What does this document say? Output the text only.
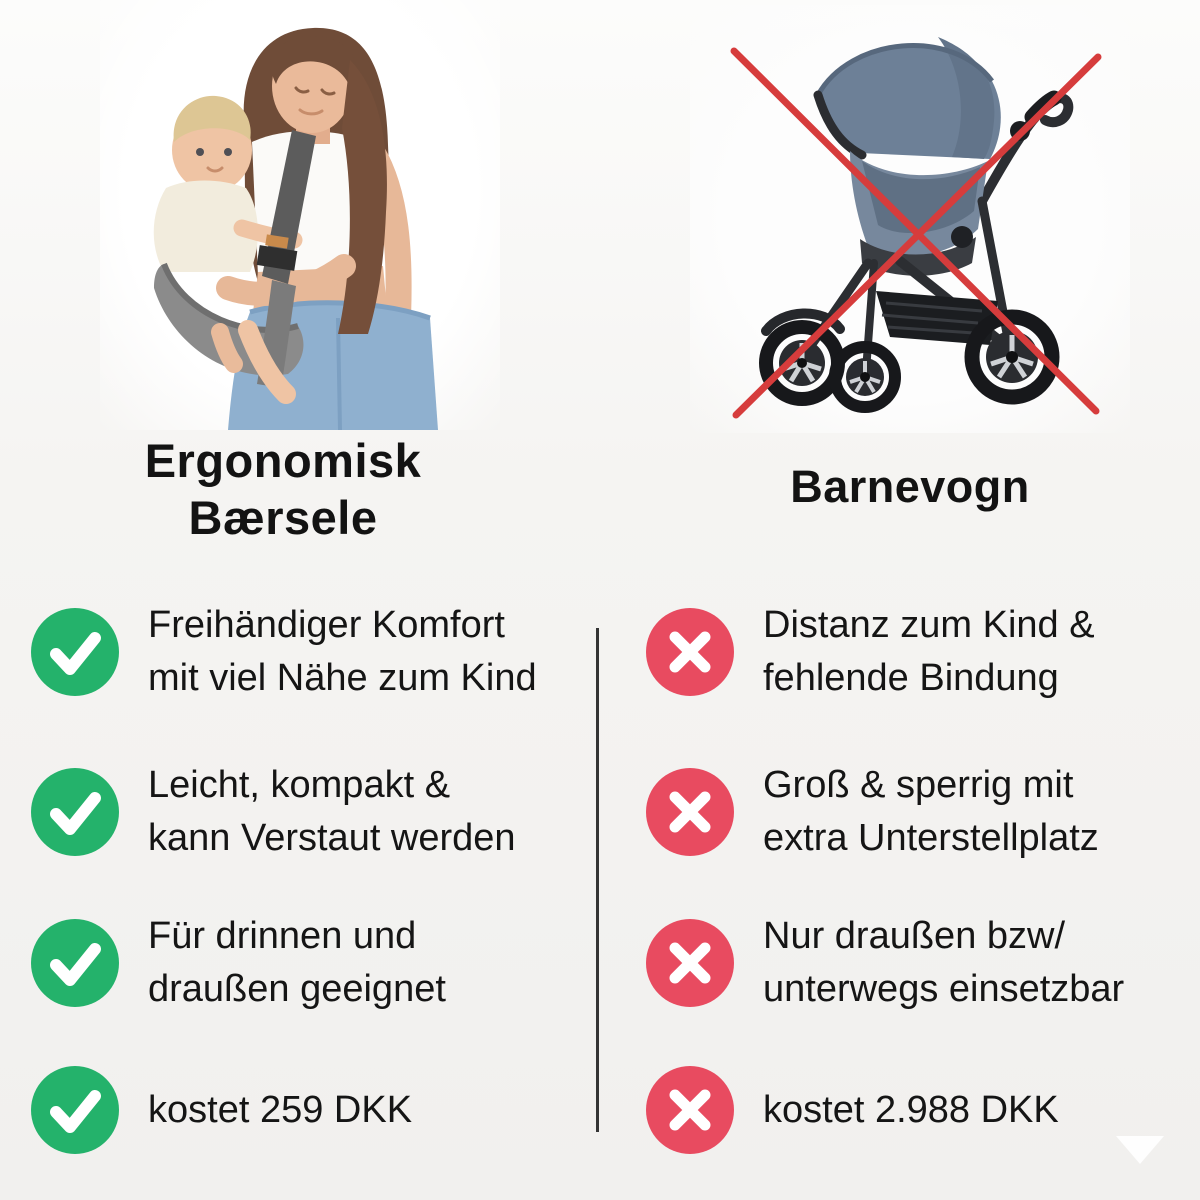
Ergonomisk
Bærsele
Barnevogn
Freihändiger Komfort
mit viel Nähe zum Kind
Leicht, kompakt &
kann Verstaut werden
Für drinnen und
draußen geeignet
kostet 259 DKK
Distanz zum Kind &
fehlende Bindung
Groß & sperrig mit
extra Unterstellplatz
Nur draußen bzw/
unterwegs einsetzbar
kostet 2.988 DKK
